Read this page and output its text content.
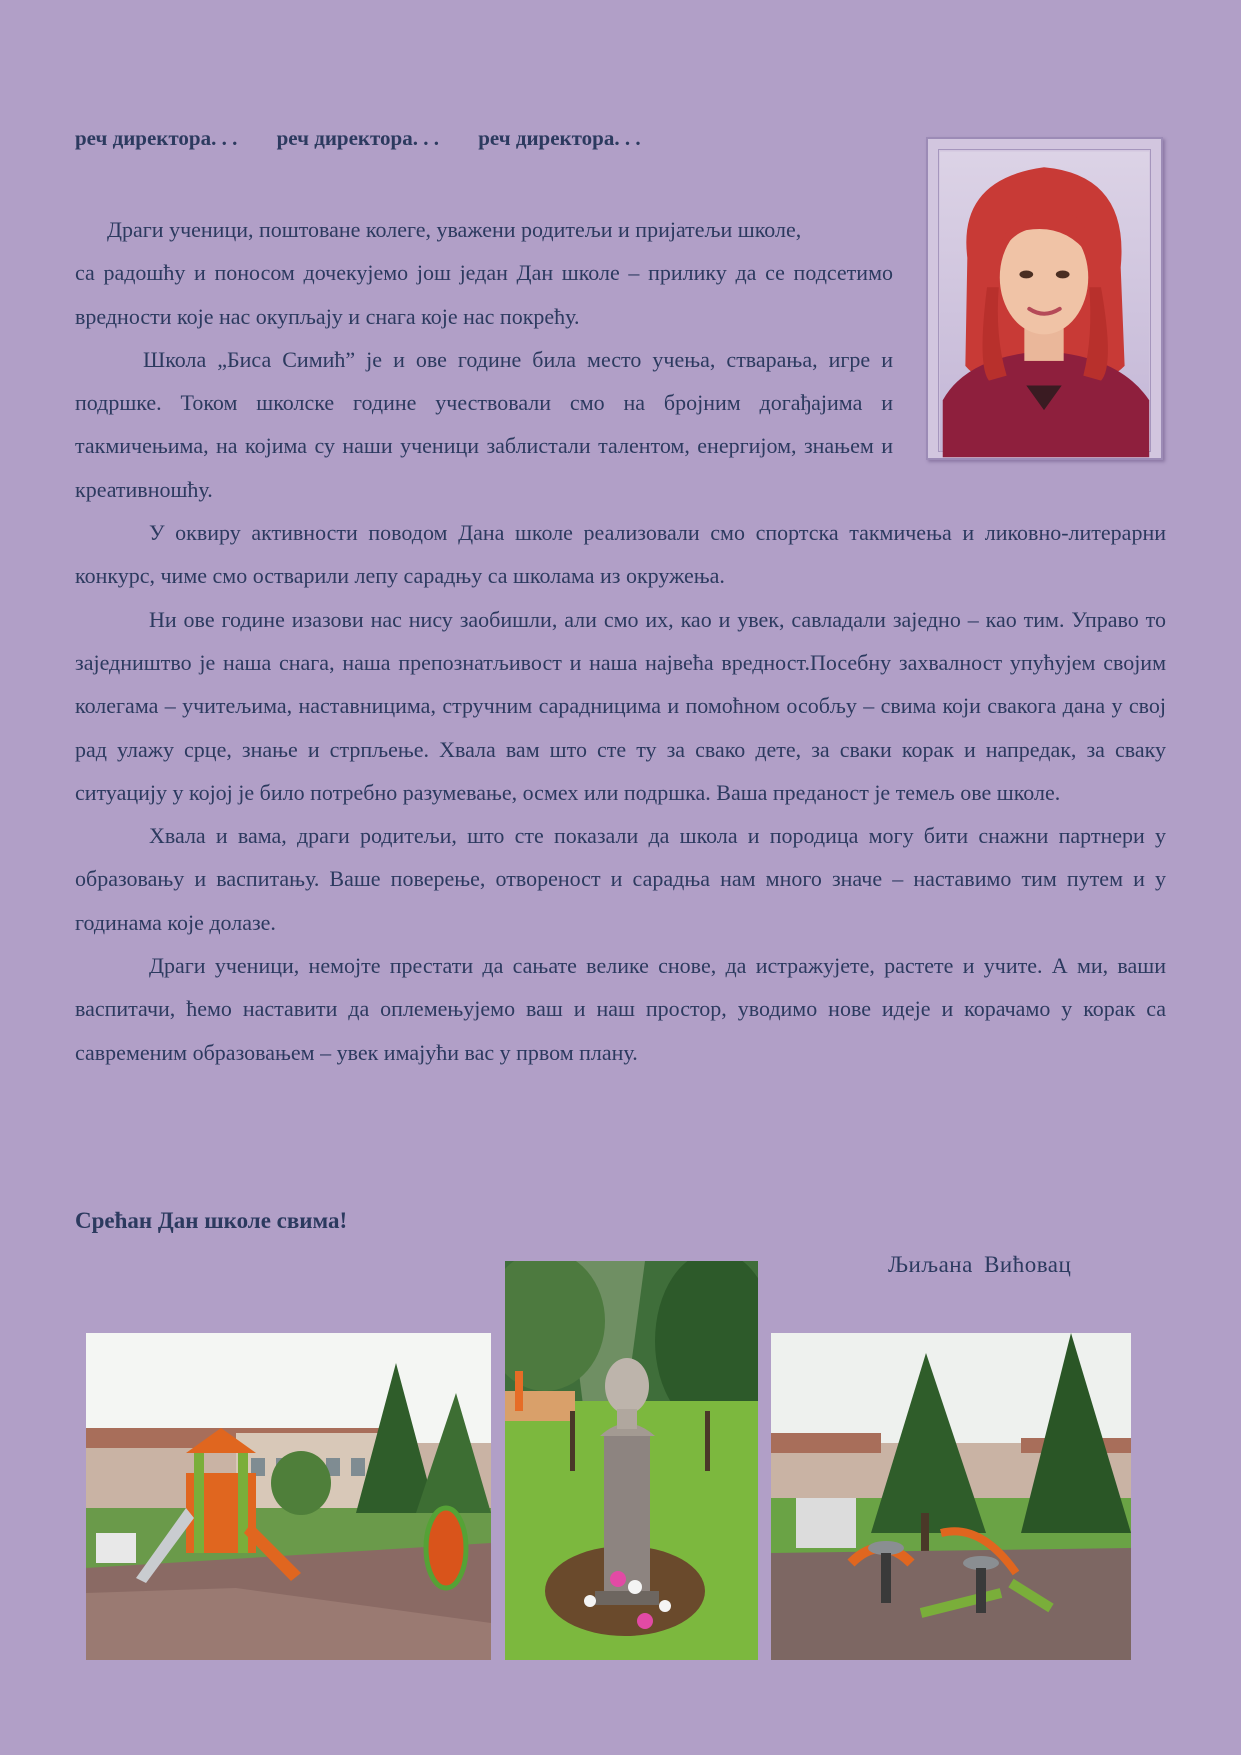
реч директора. . . реч директора. . . реч директора. . .

Драги ученици, поштоване колеге, уважени родитељи и пријатељи школе,

са радошћу и поносом дочекујемо још један Дан школе – прилику да се подсетимо вредности које нас окупљају и снага које нас покрећу.

Школа „Биса Симић” је и ове године била место учења, стварања, игре и подршке. Током школске године учествовали смо на бројним догађајима и такмичењима, на којима су наши ученици заблистали талентом, енергијом, знањем и креативношћу.

У оквиру активности поводом Дана школе реализовали смо спортска такмичења и ликовно-литерарни конкурс, чиме смо остварили лепу сарадњу са школама из окружења.

Ни ове године изазови нас нису заобишли, али смо их, као и увек, савладали заједно – као тим. Управо то заједништво је наша снага, наша препознатљивост и наша највећа вредност.Посебну захвалност упућујем својим колегама – учитељима, наставницима, стручним сарадницима и помоћном особљу – свима који свакога дана у свој рад улажу срце, знање и стрпљење. Хвала вам што сте ту за свако дете, за сваки корак и напредак, за сваку ситуацију у којој је било потребно разумевање, осмех или подршка. Ваша преданост је темељ ове школе.

Хвала и вама, драги родитељи, што сте показали да школа и породица могу бити снажни партнери у образовању и васпитању. Ваше поверење, отвореност и сарадња нам много значе – наставимо тим путем и у годинама које долазе.

Драги ученици, немојте престати да сањате велике снове, да истражујете, растете и учите. А ми, ваши васпитачи, ћемо наставити да оплемењујемо ваш и наш простор, уводимо нове идеје и корачамо у корак са савременим образовањем – увек имајући вас у првом плану.

Срећан Дан школе свима!
Љиљана Вићовац
